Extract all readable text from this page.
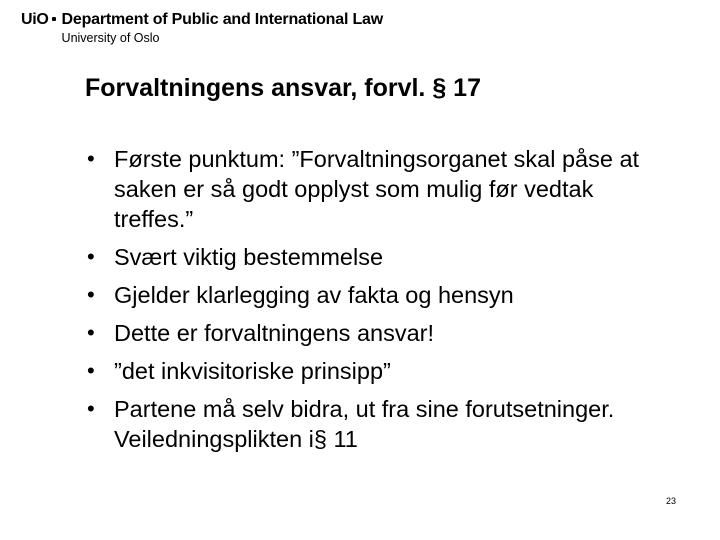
UiO Department of Public and International Law
University of Oslo
Forvaltningens ansvar, forvl. § 17
• Første punktum: ”Forvaltningsorganet skal påse at saken er så godt opplyst som mulig før vedtak treffes.”
• Svært viktig bestemmelse
• Gjelder klarlegging av fakta og hensyn
• Dette er forvaltningens ansvar!
• ”det inkvisitoriske prinsipp”
• Partene må selv bidra, ut fra sine forutsetninger. Veiledningsplikten i§ 11
23
